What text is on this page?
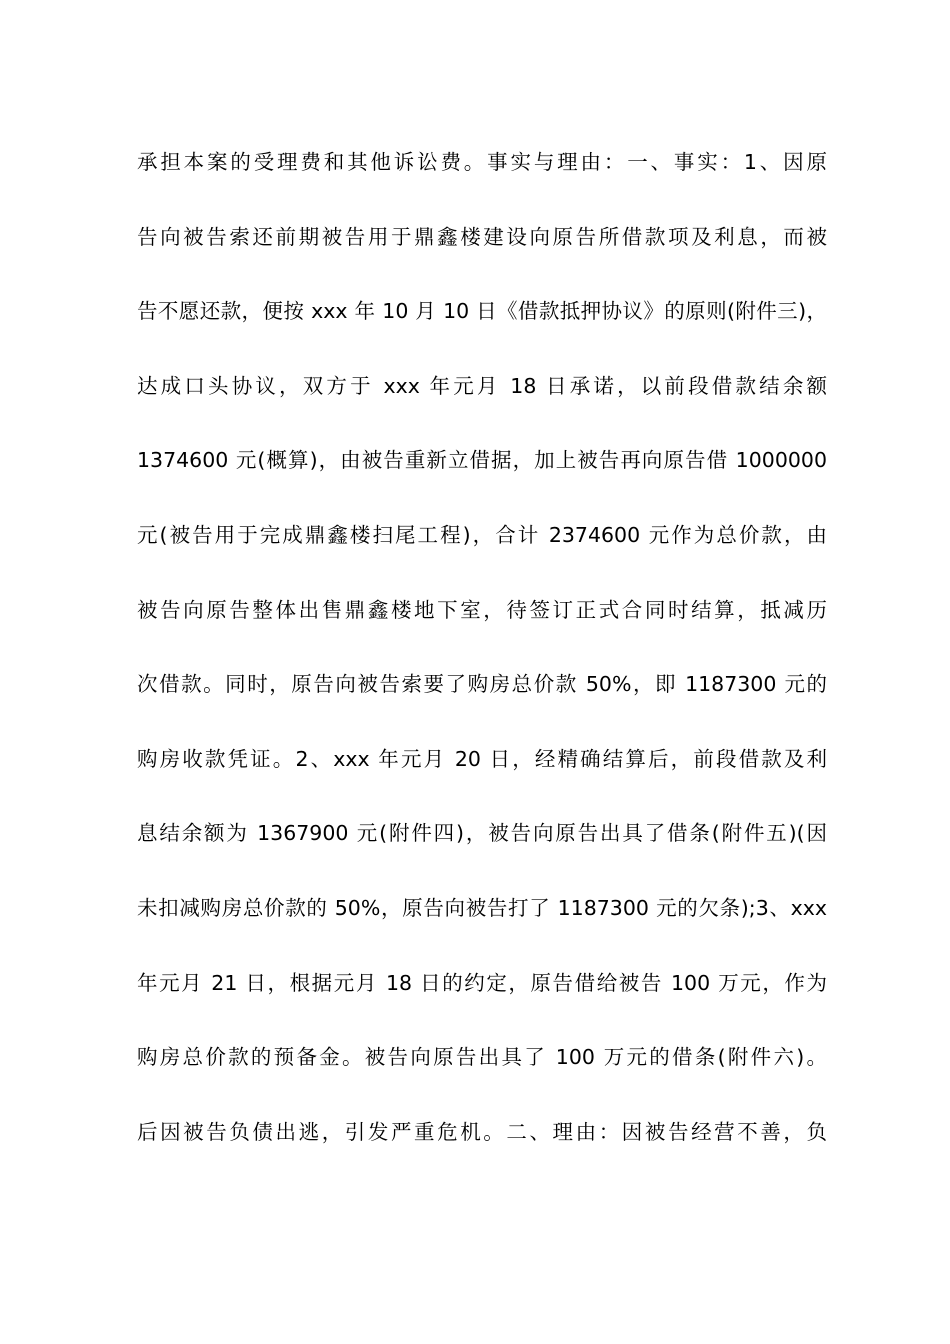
承担本案的受理费和其他诉讼费。事实与理由：一、事实：1、因原
告向被告索还前期被告用于鼎鑫楼建设向原告所借款项及利息，而被
告不愿还款，便按 xxx 年 10 月 10 日《借款抵押协议》的原则(附件三)，
达成口头协议，双方于 xxx 年元月 18 日承诺，以前段借款结余额
1374600 元(概算)，由被告重新立借据，加上被告再向原告借 1000000
元(被告用于完成鼎鑫楼扫尾工程)，合计 2374600 元作为总价款，由
被告向原告整体出售鼎鑫楼地下室，待签订正式合同时结算，抵减历
次借款。同时，原告向被告索要了购房总价款 50%，即 1187300 元的
购房收款凭证。2、xxx 年元月 20 日，经精确结算后，前段借款及利
息结余额为 1367900 元(附件四)，被告向原告出具了借条(附件五)(因
未扣减购房总价款的 50%，原告向被告打了 1187300 元的欠条);3、xxx
年元月 21 日，根据元月 18 日的约定，原告借给被告 100 万元，作为
购房总价款的预备金。被告向原告出具了 100 万元的借条(附件六)。
后因被告负债出逃，引发严重危机。二、理由：因被告经营不善，负
